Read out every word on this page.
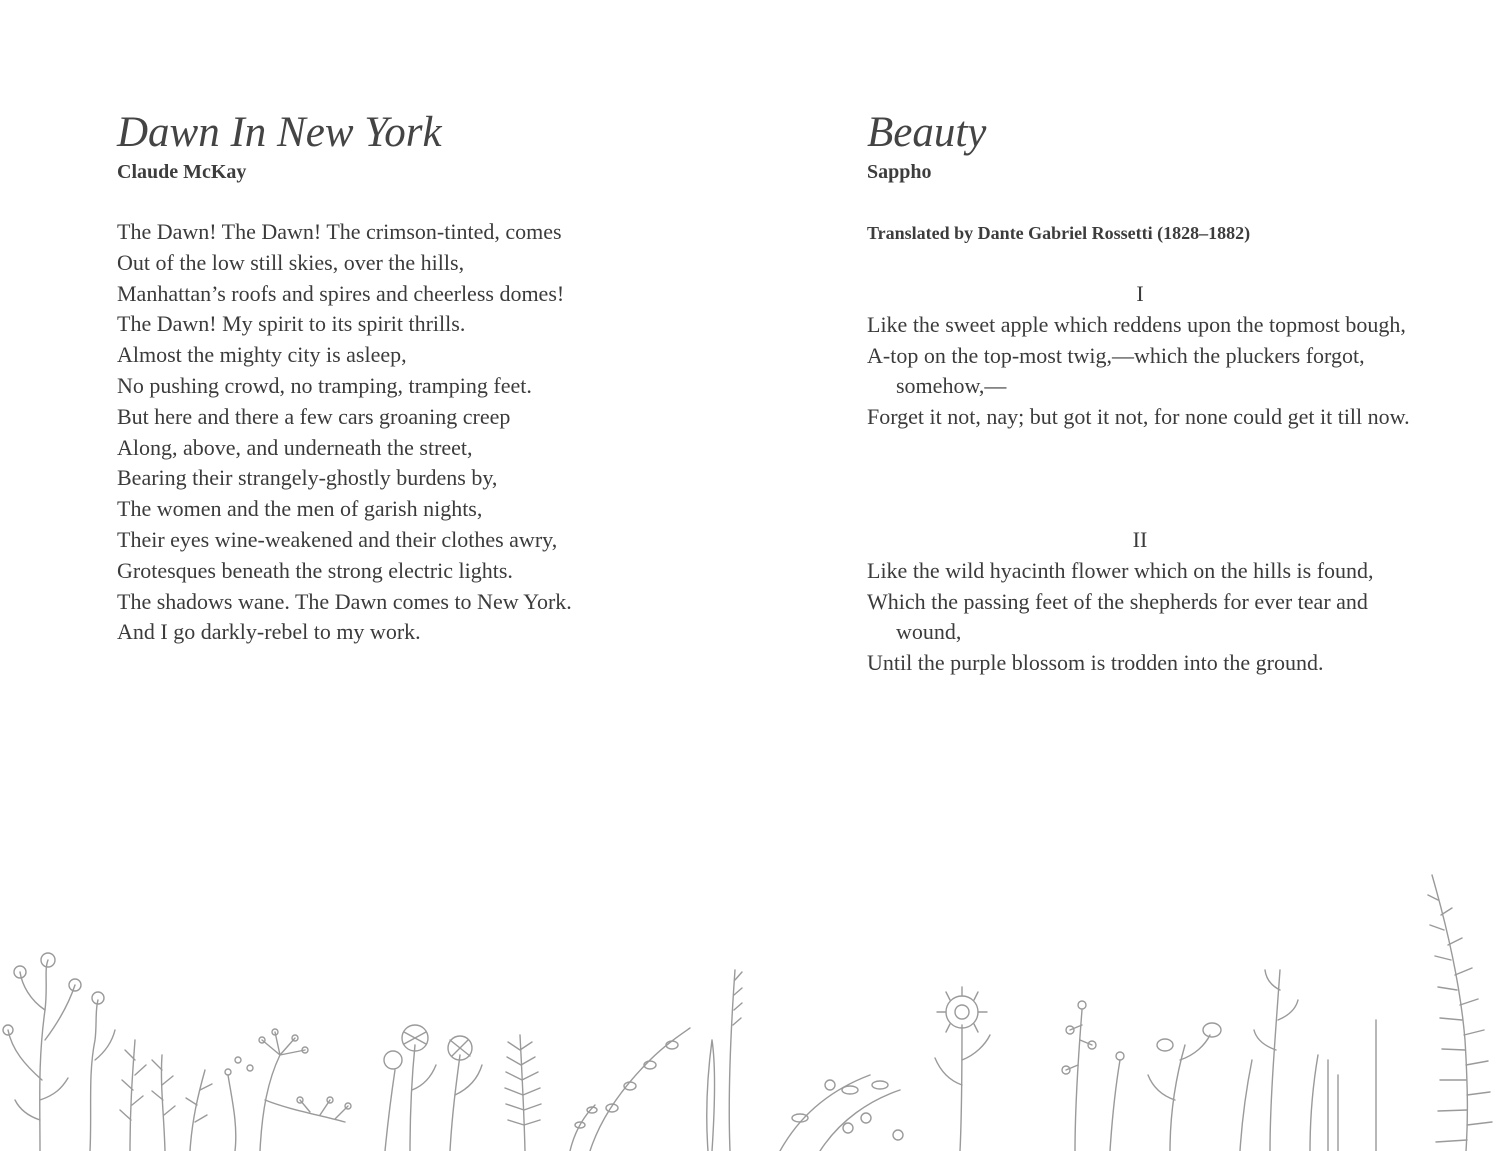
Dawn In New York
Claude McKay
The Dawn! The Dawn! The crimson-tinted, comes
Out of the low still skies, over the hills,
Manhattan’s roofs and spires and cheerless domes!
The Dawn! My spirit to its spirit thrills.
Almost the mighty city is asleep,
No pushing crowd, no tramping, tramping feet.
But here and there a few cars groaning creep
Along, above, and underneath the street,
Bearing their strangely-ghostly burdens by,
The women and the men of garish nights,
Their eyes wine-weakened and their clothes awry,
Grotesques beneath the strong electric lights.
The shadows wane. The Dawn comes to New York.
And I go darkly-rebel to my work.
Beauty
Sappho
Translated by Dante Gabriel Rossetti (1828–1882)
I
Like the sweet apple which reddens upon the topmost bough,
A-top on the top-most twig,—which the pluckers forgot, somehow,—
Forget it not, nay; but got it not, for none could get it till now.
II
Like the wild hyacinth flower which on the hills is found,
Which the passing feet of the shepherds for ever tear and wound,
Until the purple blossom is trodden into the ground.
